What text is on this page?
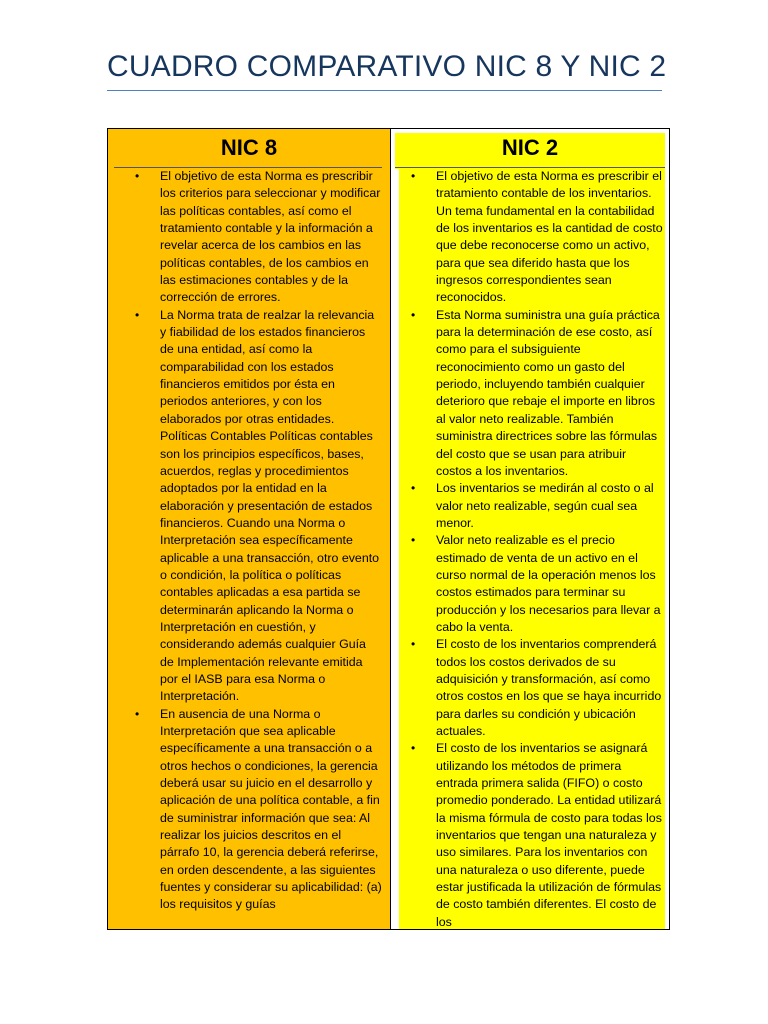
CUADRO COMPARATIVO NIC 8 Y NIC 2
NIC 8
• El objetivo de esta Norma es prescribir los criterios para seleccionar y modificar las políticas contables, así como el tratamiento contable y la información a revelar acerca de los cambios en las políticas contables, de los cambios en las estimaciones contables y de la corrección de errores.
• La Norma trata de realzar la relevancia y fiabilidad de los estados financieros de una entidad, así como la comparabilidad con los estados financieros emitidos por ésta en periodos anteriores, y con los elaborados por otras entidades. Políticas Contables Políticas contables son los principios específicos, bases, acuerdos, reglas y procedimientos adoptados por la entidad en la elaboración y presentación de estados financieros. Cuando una Norma o Interpretación sea específicamente aplicable a una transacción, otro evento o condición, la política o políticas contables aplicadas a esa partida se determinarán aplicando la Norma o Interpretación en cuestión, y considerando además cualquier Guía de Implementación relevante emitida por el IASB para esa Norma o Interpretación.
• En ausencia de una Norma o Interpretación que sea aplicable específicamente a una transacción o a otros hechos o condiciones, la gerencia deberá usar su juicio en el desarrollo y aplicación de una política contable, a fin de suministrar información que sea: Al realizar los juicios descritos en el párrafo 10, la gerencia deberá referirse, en orden descendente, a las siguientes fuentes y considerar su aplicabilidad: (a) los requisitos y guías
NIC 2
• El objetivo de esta Norma es prescribir el tratamiento contable de los inventarios. Un tema fundamental en la contabilidad de los inventarios es la cantidad de costo que debe reconocerse como un activo, para que sea diferido hasta que los ingresos correspondientes sean reconocidos.
• Esta Norma suministra una guía práctica para la determinación de ese costo, así como para el subsiguiente reconocimiento como un gasto del periodo, incluyendo también cualquier deterioro que rebaje el importe en libros al valor neto realizable. También suministra directrices sobre las fórmulas del costo que se usan para atribuir costos a los inventarios.
• Los inventarios se medirán al costo o al valor neto realizable, según cual sea menor.
• Valor neto realizable es el precio estimado de venta de un activo en el curso normal de la operación menos los costos estimados para terminar su producción y los necesarios para llevar a cabo la venta.
• El costo de los inventarios comprenderá todos los costos derivados de su adquisición y transformación, así como otros costos en los que se haya incurrido para darles su condición y ubicación actuales.
• El costo de los inventarios se asignará utilizando los métodos de primera entrada primera salida (FIFO) o costo promedio ponderado. La entidad utilizará la misma fórmula de costo para todas los inventarios que tengan una naturaleza y uso similares. Para los inventarios con una naturaleza o uso diferente, puede estar justificada la utilización de fórmulas de costo también diferentes. El costo de los
